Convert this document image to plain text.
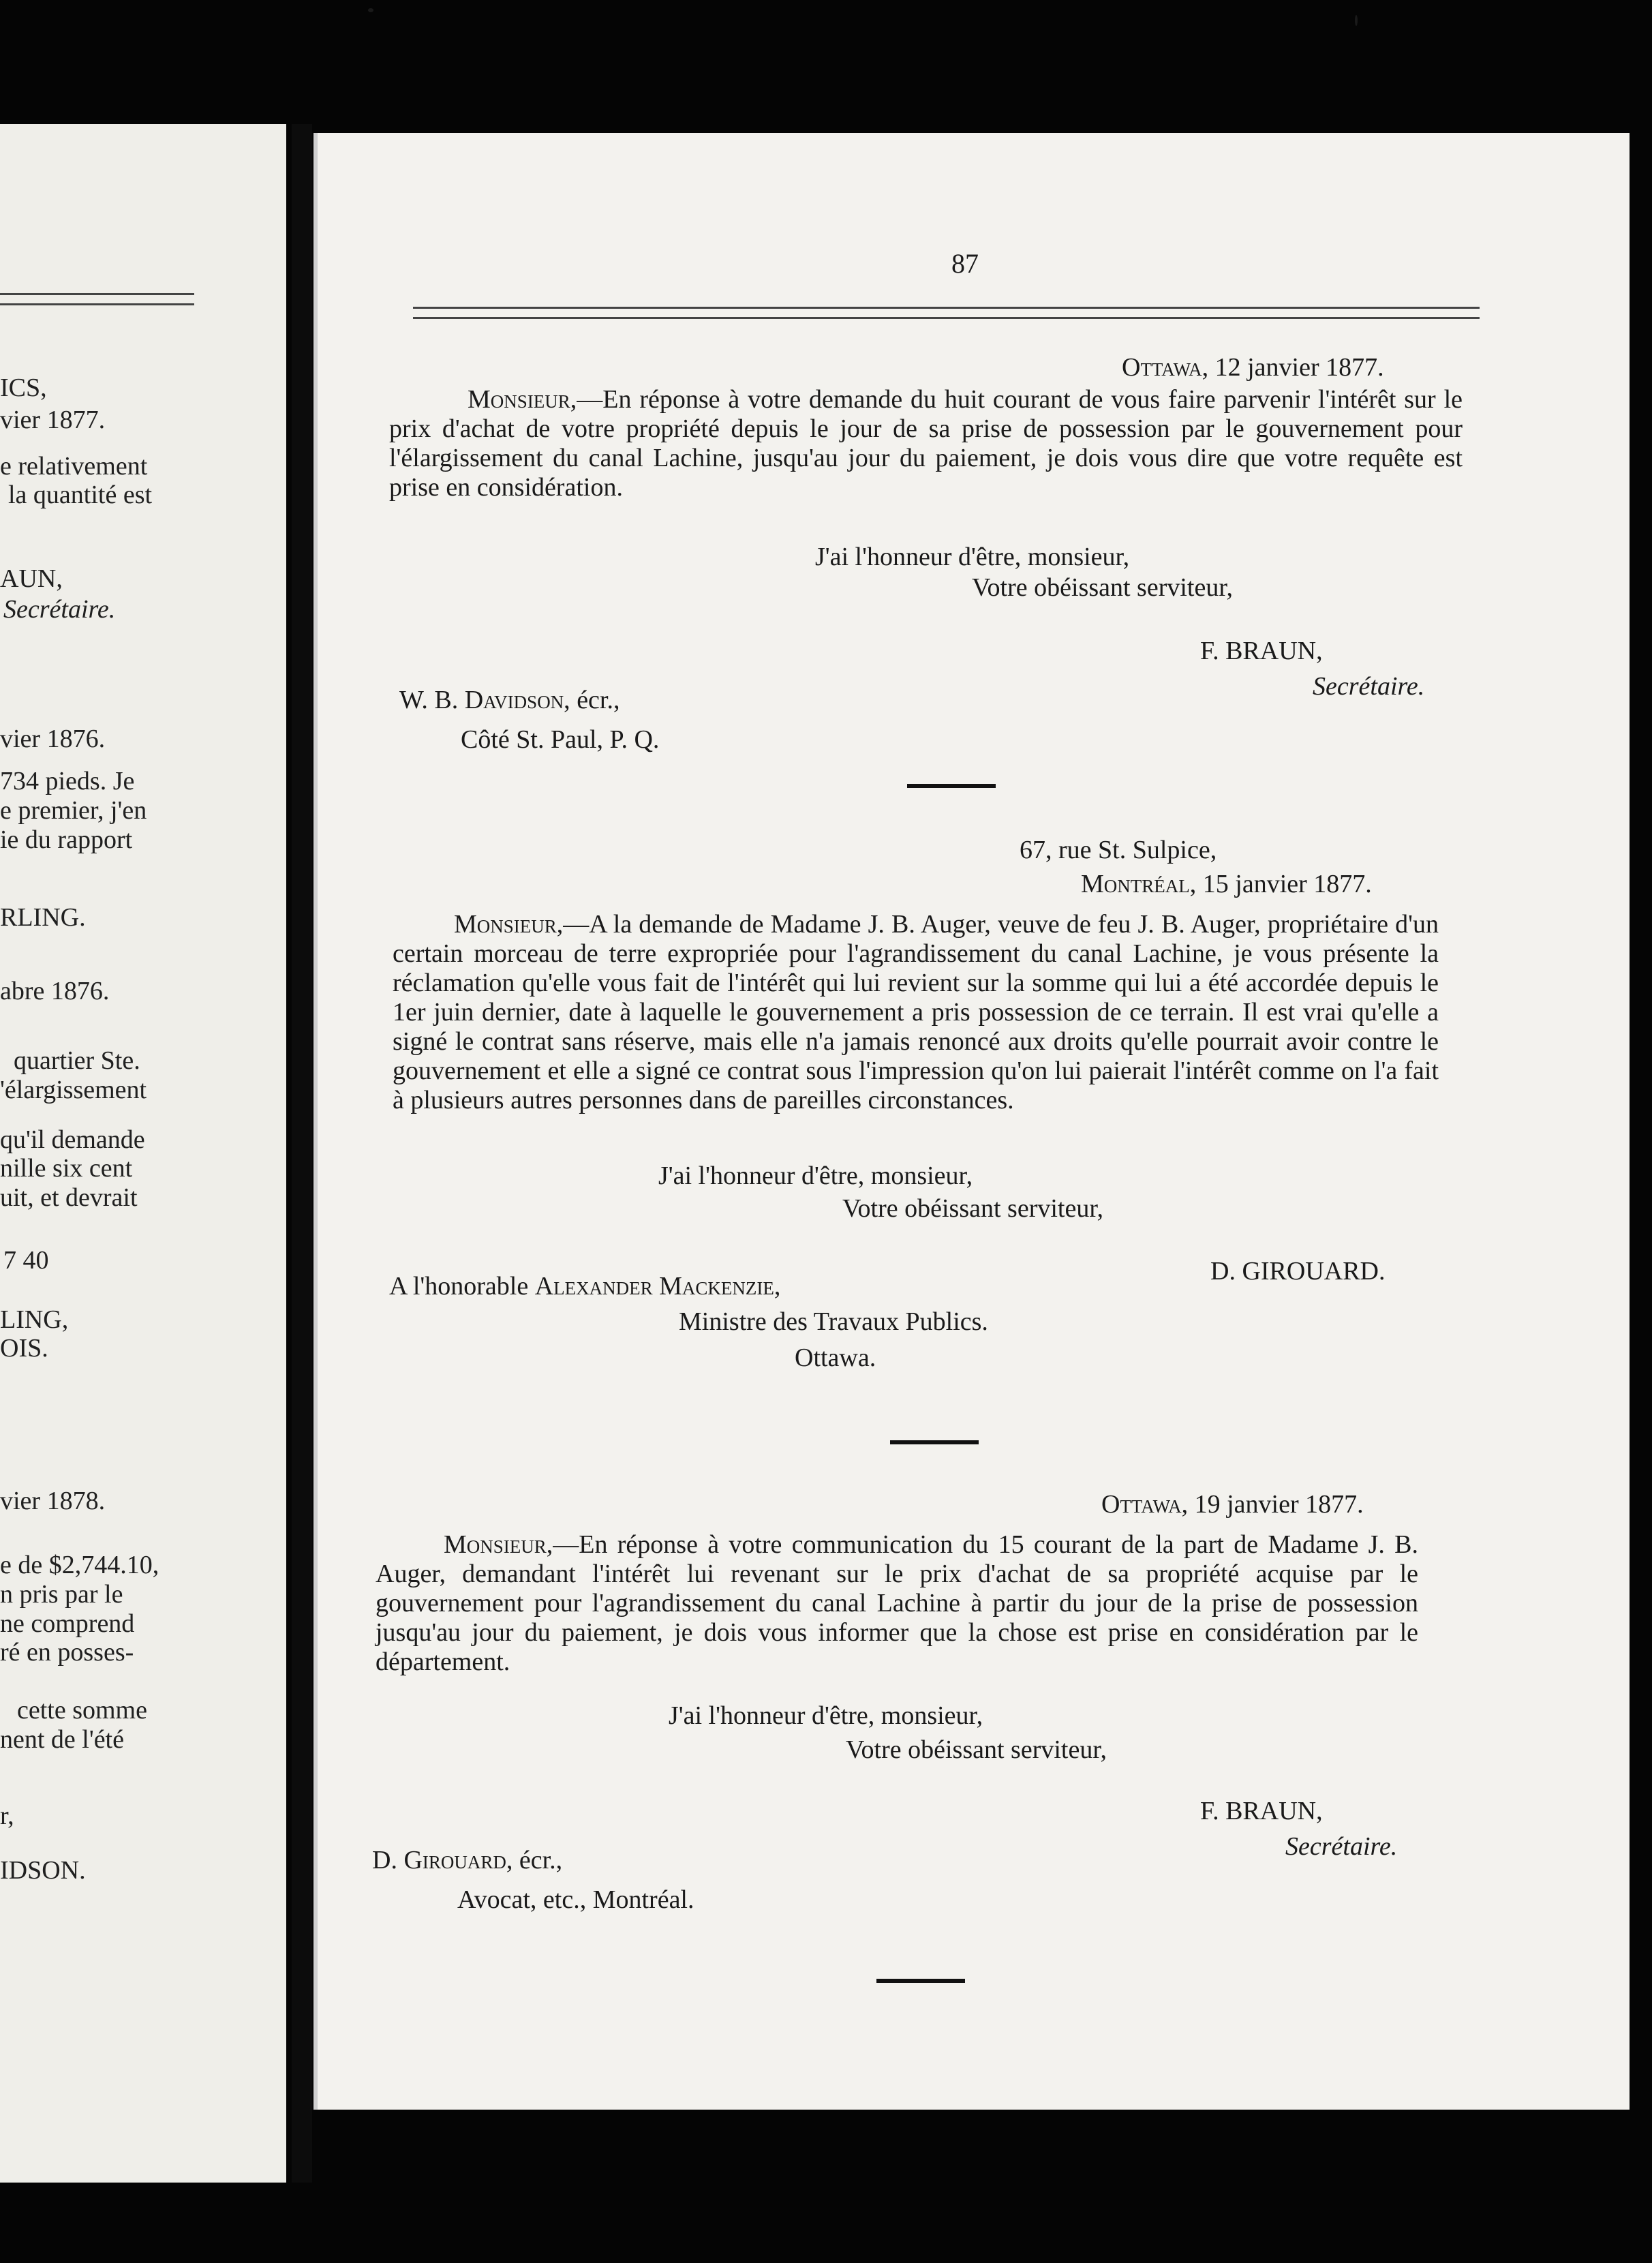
ICS,
vier 1877.
e relativement
la quantité est
AUN,
Secrétaire.
vier 1876.
734 pieds. Je
e premier, j'en
ie du rapport
RLING.
abre 1876.
quartier Ste.
'élargissement
qu'il demande
nille six cent
uit, et devrait
7 40
LING,
OIS.
vier 1878.
e de $2,744.10,
n pris par le
ne comprend
ré en posses-
cette somme
nent de l'été
r,
IDSON.
87
Ottawa, 12 janvier 1877.
Monsieur,—En réponse à votre demande du huit courant de vous faire parvenir l'intérêt sur le prix d'achat de votre propriété depuis le jour de sa prise de possession par le gouvernement pour l'élargissement du canal Lachine, jusqu'au jour du paiement, je dois vous dire que votre requête est prise en considération.
J'ai l'honneur d'être, monsieur,
Votre obéissant serviteur,
F. BRAUN,
Secrétaire.
W. B. Davidson, écr.,
Côté St. Paul, P. Q.
67, rue St. Sulpice,
Montréal, 15 janvier 1877.
Monsieur,—A la demande de Madame J. B. Auger, veuve de feu J. B. Auger, propriétaire d'un certain morceau de terre expropriée pour l'agrandissement du canal Lachine, je vous présente la réclamation qu'elle vous fait de l'intérêt qui lui revient sur la somme qui lui a été accordée depuis le 1er juin dernier, date à laquelle le gouvernement a pris possession de ce terrain. Il est vrai qu'elle a signé le contrat sans réserve, mais elle n'a jamais renoncé aux droits qu'elle pourrait avoir contre le gouvernement et elle a signé ce contrat sous l'impression qu'on lui paierait l'intérêt comme on l'a fait à plusieurs autres personnes dans de pareilles circonstances.
J'ai l'honneur d'être, monsieur,
Votre obéissant serviteur,
D. GIROUARD.
A l'honorable Alexander Mackenzie,
Ministre des Travaux Publics.
Ottawa.
Ottawa, 19 janvier 1877.
Monsieur,—En réponse à votre communication du 15 courant de la part de Madame J. B. Auger, demandant l'intérêt lui revenant sur le prix d'achat de sa propriété acquise par le gouvernement pour l'agrandissement du canal Lachine à partir du jour de la prise de possession jusqu'au jour du paiement, je dois vous informer que la chose est prise en considération par le département.
J'ai l'honneur d'être, monsieur,
Votre obéissant serviteur,
F. BRAUN,
Secrétaire.
D. Girouard, écr.,
Avocat, etc., Montréal.
